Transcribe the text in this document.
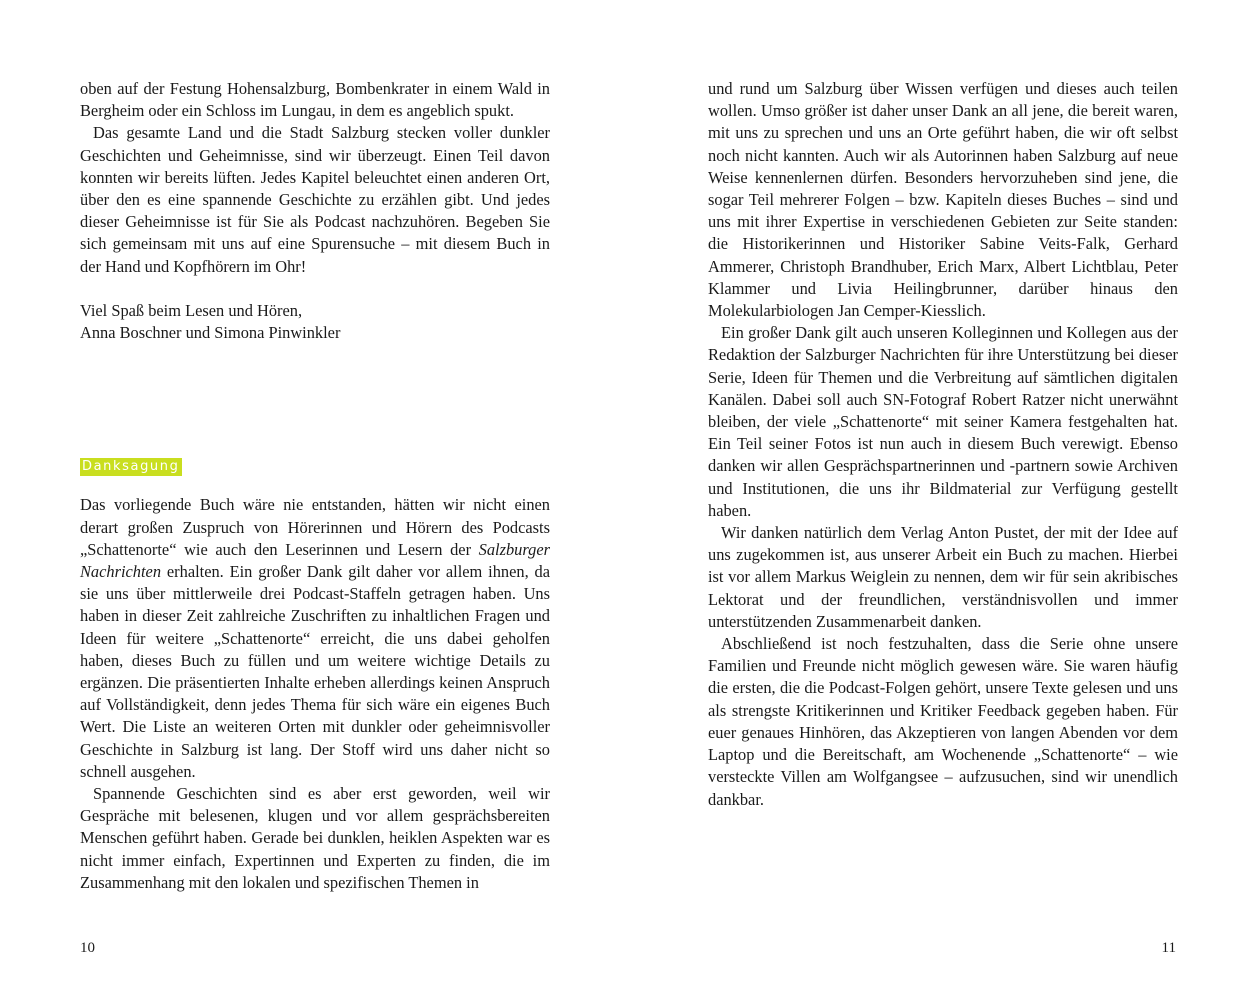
oben auf der Festung Hohensalzburg, Bombenkrater in einem Wald in Bergheim oder ein Schloss im Lungau, in dem es angeblich spukt.

Das gesamte Land und die Stadt Salzburg stecken voller dunkler Geschichten und Geheimnisse, sind wir überzeugt. Einen Teil davon konnten wir bereits lüften. Jedes Kapitel beleuchtet einen anderen Ort, über den es eine spannende Geschichte zu erzählen gibt. Und jedes dieser Geheimnisse ist für Sie als Podcast nachzuhören. Begeben Sie sich gemeinsam mit uns auf eine Spurensuche – mit diesem Buch in der Hand und Kopfhörern im Ohr!

Viel Spaß beim Lesen und Hören,
Anna Boschner und Simona Pinwinkler
Danksagung

Das vorliegende Buch wäre nie entstanden, hätten wir nicht einen derart großen Zuspruch von Hörerinnen und Hörern des Podcasts „Schattenorte“ wie auch den Leserinnen und Lesern der Salzburger Nachrichten erhalten. Ein großer Dank gilt daher vor allem ihnen, da sie uns über mittlerweile drei Podcast-Staffeln getragen haben. Uns haben in dieser Zeit zahlreiche Zuschriften zu inhaltlichen Fragen und Ideen für weitere „Schattenorte“ erreicht, die uns dabei geholfen haben, dieses Buch zu füllen und um weitere wichtige Details zu ergänzen. Die präsentierten Inhalte erheben allerdings keinen Anspruch auf Vollständigkeit, denn jedes Thema für sich wäre ein eigenes Buch Wert. Die Liste an weiteren Orten mit dunkler oder geheimnisvoller Geschichte in Salzburg ist lang. Der Stoff wird uns daher nicht so schnell ausgehen.

Spannende Geschichten sind es aber erst geworden, weil wir Gespräche mit belesenen, klugen und vor allem gesprächsbereiten Menschen geführt haben. Gerade bei dunklen, heiklen Aspekten war es nicht immer einfach, Expertinnen und Experten zu finden, die im Zusammenhang mit den lokalen und spezifischen Themen in

10

und rund um Salzburg über Wissen verfügen und dieses auch teilen wollen. Umso größer ist daher unser Dank an all jene, die bereit waren, mit uns zu sprechen und uns an Orte geführt haben, die wir oft selbst noch nicht kannten. Auch wir als Autorinnen haben Salzburg auf neue Weise kennenlernen dürfen. Besonders hervorzuheben sind jene, die sogar Teil mehrerer Folgen – bzw. Kapiteln dieses Buches – sind und uns mit ihrer Expertise in verschiedenen Gebieten zur Seite standen: die Historikerinnen und Historiker Sabine Veits-Falk, Gerhard Ammerer, Christoph Brandhuber, Erich Marx, Albert Lichtblau, Peter Klammer und Livia Heilingbrunner, darüber hinaus den Molekularbiologen Jan Cemper-Kiesslich.

Ein großer Dank gilt auch unseren Kolleginnen und Kollegen aus der Redaktion der Salzburger Nachrichten für ihre Unterstützung bei dieser Serie, Ideen für Themen und die Verbreitung auf sämtlichen digitalen Kanälen. Dabei soll auch SN-Fotograf Robert Ratzer nicht unerwähnt bleiben, der viele „Schattenorte“ mit seiner Kamera festgehalten hat. Ein Teil seiner Fotos ist nun auch in diesem Buch verewigt. Ebenso danken wir allen Gesprächspartnerinnen und -partnern sowie Archiven und Institutionen, die uns ihr Bildmaterial zur Verfügung gestellt haben.

Wir danken natürlich dem Verlag Anton Pustet, der mit der Idee auf uns zugekommen ist, aus unserer Arbeit ein Buch zu machen. Hierbei ist vor allem Markus Weiglein zu nennen, dem wir für sein akribisches Lektorat und der freundlichen, verständnisvollen und immer unterstützenden Zusammenarbeit danken.

Abschließend ist noch festzuhalten, dass die Serie ohne unsere Familien und Freunde nicht möglich gewesen wäre. Sie waren häufig die ersten, die die Podcast-Folgen gehört, unsere Texte gelesen und uns als strengste Kritikerinnen und Kritiker Feedback gegeben haben. Für euer genaues Hinhören, das Akzeptieren von langen Abenden vor dem Laptop und die Bereitschaft, am Wochenende „Schattenorte“ – wie versteckte Villen am Wolfgangsee – aufzusuchen, sind wir unendlich dankbar.

11
